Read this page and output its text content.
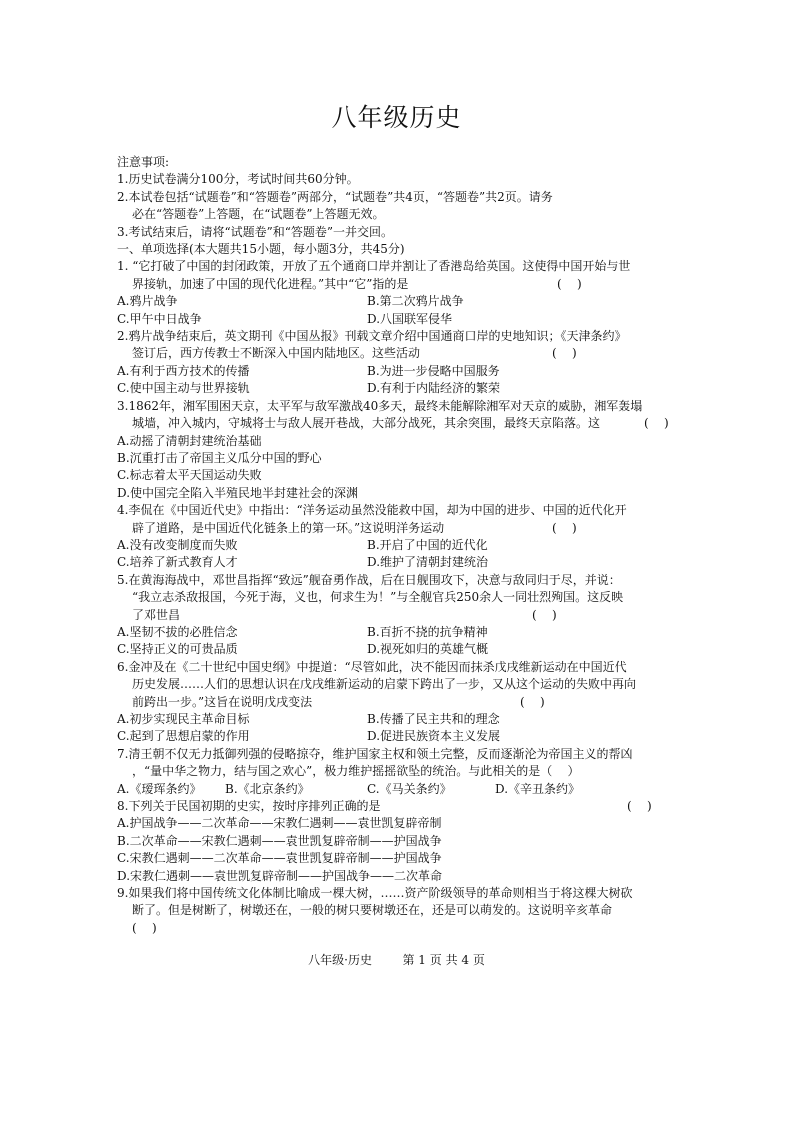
八年级历史
注意事项:
1.历史试卷满分100分，考试时间共60分钟。
2.本试卷包括“试题卷”和“答题卷”两部分，“试题卷”共4页，“答题卷”共2页。请务
必在“答题卷”上答题，在“试题卷”上答题无效。
3.考试结束后，请将“试题卷”和“答题卷”一并交回。
一、单项选择(本大题共15小题，每小题3分，共45分)
1. “它打破了中国的封闭政策，开放了五个通商口岸并割让了香港岛给英国。这使得中国开始与世
界接轨，加速了中国的现代化进程。”其中“它”指的是	(    )
A.鸦片战争	B.第二次鸦片战争
C.甲午中日战争	D.八国联军侵华
2.鸦片战争结束后，英文期刊《中国丛报》刊载文章介绍中国通商口岸的史地知识；《天津条约》
签订后，西方传教士不断深入中国内陆地区。这些活动	(    )
A.有利于西方技术的传播	B.为进一步侵略中国服务
C.使中国主动与世界接轨	D.有利于内陆经济的繁荣
3.1862年，湘军围困天京，太平军与敌军激战40多天，最终未能解除湘军对天京的威胁，湘军轰塌
城墙，冲入城内，守城将士与敌人展开巷战，大部分战死，其余突围，最终天京陷落。这	(    )
A.动摇了清朝封建统治基础
B.沉重打击了帝国主义瓜分中国的野心
C.标志着太平天国运动失败
D.使中国完全陷入半殖民地半封建社会的深渊
4.李侃在《中国近代史》中指出：“洋务运动虽然没能救中国，却为中国的进步、中国的近代化开
辟了道路，是中国近代化链条上的第一环。”这说明洋务运动	(    )
A.没有改变制度而失败	B.开启了中国的近代化
C.培养了新式教育人才	D.维护了清朝封建统治
5.在黄海海战中，邓世昌指挥“致远”舰奋勇作战，后在日舰围攻下，决意与敌同归于尽，并说：
“我立志杀敌报国，今死于海，义也，何求生为！”与全舰官兵250余人一同壮烈殉国。这反映
了邓世昌	(    )
A.坚韧不拔的必胜信念	B.百折不挠的抗争精神
C.坚持正义的可贵品质	D.视死如归的英雄气概
6.金冲及在《二十世纪中国史纲》中提道：“尽管如此，决不能因而抹杀戊戌维新运动在中国近代
历史发展……人们的思想认识在戊戌维新运动的启蒙下跨出了一步，又从这个运动的失败中再向
前跨出一步。”这旨在说明戊戌变法	(    )
A.初步实现民主革命目标	B.传播了民主共和的理念
C.起到了思想启蒙的作用	D.促进民族资本主义发展
7.清王朝不仅无力抵御列强的侵略掠夺，维护国家主权和领土完整，反而逐渐沦为帝国主义的帮凶
，“量中华之物力，结与国之欢心”，极力维护摇摇欲坠的统治。与此相关的是（    ）
A.《瑷珲条约》	B.《北京条约》	C.《马关条约》	D.《辛丑条约》
8.下列关于民国初期的史实，按时序排列正确的是	(    )
A.护国战争——二次革命——宋教仁遇刺——袁世凯复辟帝制
B.二次革命——宋教仁遇刺——袁世凯复辟帝制——护国战争
C.宋教仁遇刺——二次革命——袁世凯复辟帝制——护国战争
D.宋教仁遇刺——袁世凯复辟帝制——护国战争——二次革命
9.如果我们将中国传统文化体制比喻成一棵大树，……资产阶级领导的革命则相当于将这棵大树砍
断了。但是树断了，树墩还在，一般的树只要树墩还在，还是可以萌发的。这说明辛亥革命
(    )
八年级·历史        第 1 页 共 4 页
